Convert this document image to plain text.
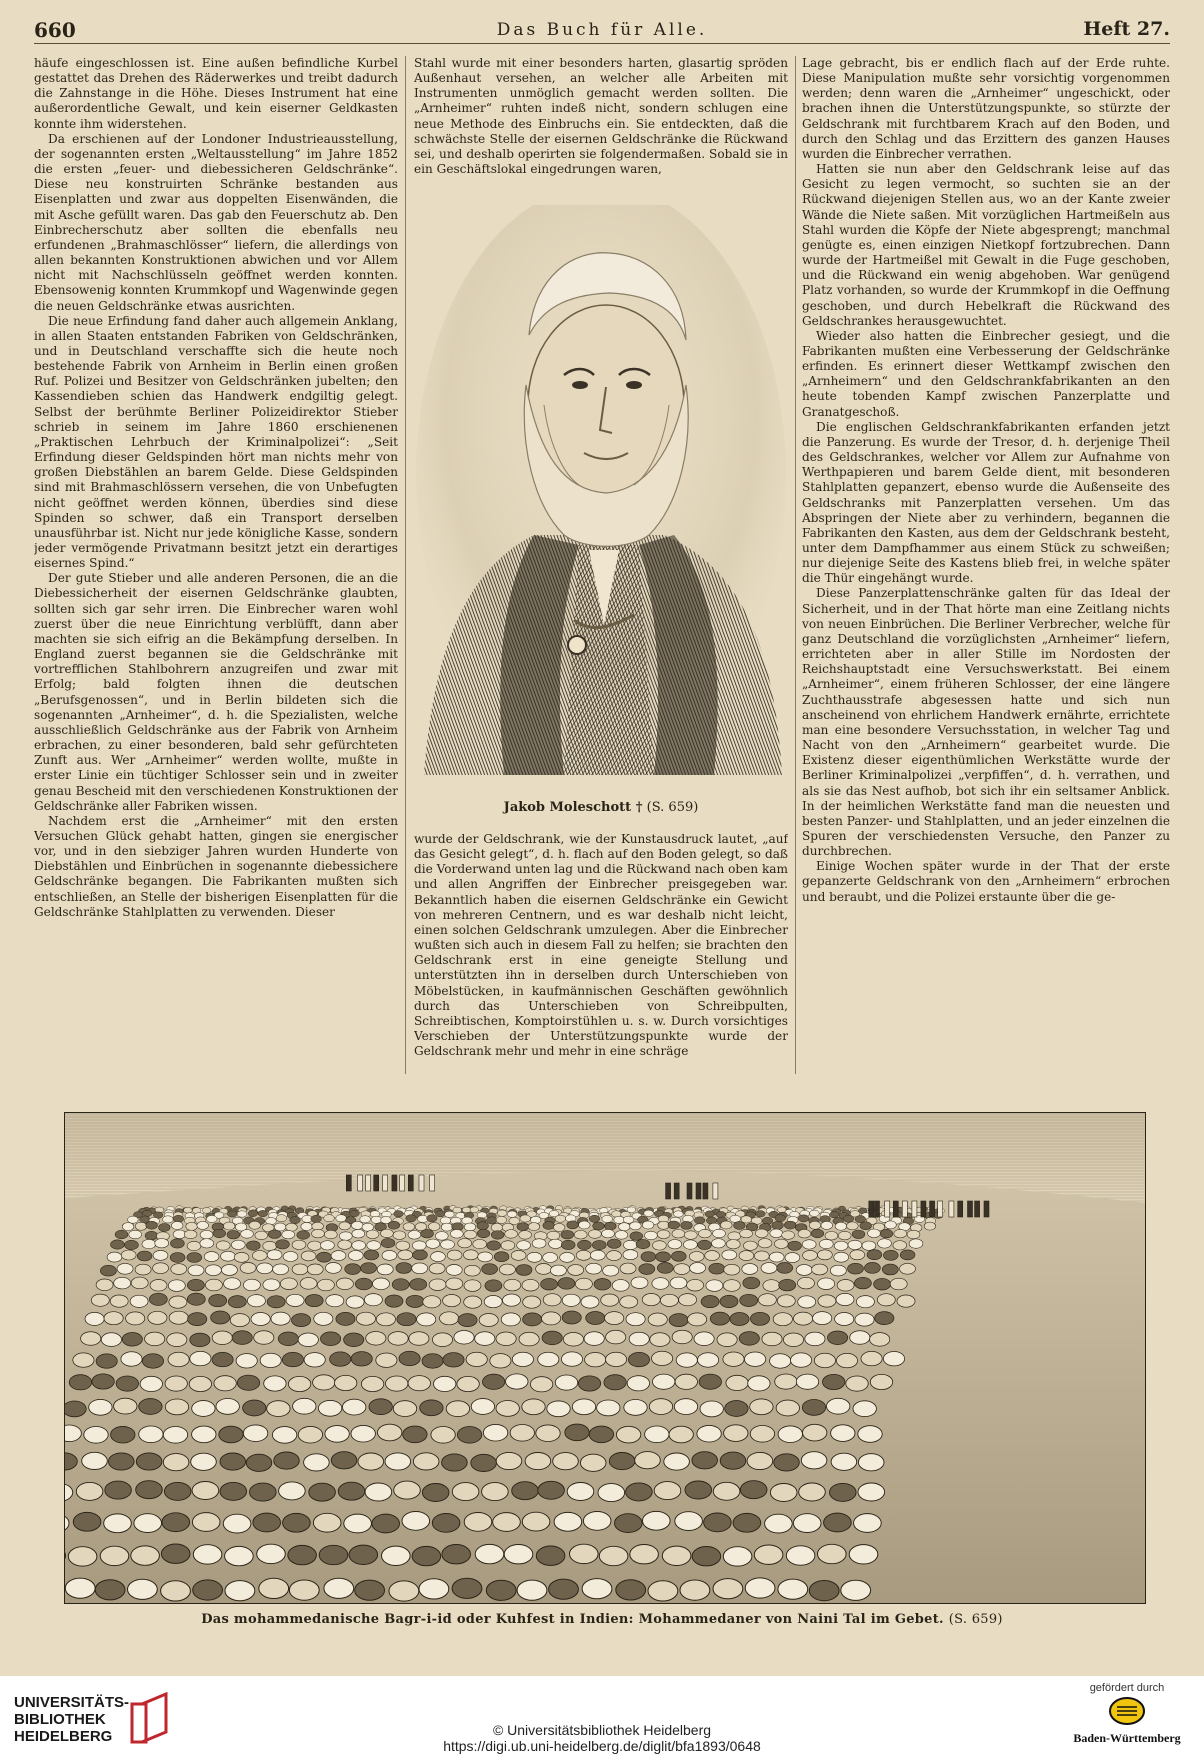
660	Das Buch für Alle.	Heft 27.

häufe eingeschlossen ist. Eine außen befindliche Kurbel gestattet das Drehen des Räderwerkes und treibt dadurch die Zahnstange in die Höhe. Dieses Instrument hat eine außerordentliche Gewalt, und kein eiserner Geldkasten konnte ihm widerstehen.

Da erschienen auf der Londoner Industrieausstellung, der sogenannten ersten „Weltausstellung“ im Jahre 1852 die ersten „feuer- und diebessicheren Geldschränke“. Diese neu konstruirten Schränke bestanden aus Eisenplatten und zwar aus doppelten Eisenwänden, die mit Asche gefüllt waren. Das gab den Feuerschutz ab. Den Einbrecherschutz aber sollten die ebenfalls neu erfundenen „Brahmaschlösser“ liefern, die allerdings von allen bekannten Konstruktionen abwichen und vor Allem nicht mit Nachschlüsseln geöffnet werden konnten. Ebensowenig konnten Krummkopf und Wagenwinde gegen die neuen Geldschränke etwas ausrichten.

Die neue Erfindung fand daher auch allgemein Anklang, in allen Staaten entstanden Fabriken von Geldschränken, und in Deutschland verschaffte sich die heute noch bestehende Fabrik von Arnheim in Berlin einen großen Ruf. Polizei und Besitzer von Geldschränken jubelten; den Kassendieben schien das Handwerk endgiltig gelegt. Selbst der berühmte Berliner Polizeidirektor Stieber schrieb in seinem im Jahre 1860 erschienenen „Praktischen Lehrbuch der Kriminalpolizei“: „Seit Erfindung dieser Geldspinden hört man nichts mehr von großen Diebstählen an barem Gelde. Diese Geldspinden sind mit Brahmaschlössern versehen, die von Unbefugten nicht geöffnet werden können, überdies sind diese Spinden so schwer, daß ein Transport derselben unausführbar ist. Nicht nur jede königliche Kasse, sondern jeder vermögende Privatmann besitzt jetzt ein derartiges eisernes Spind.“

Der gute Stieber und alle anderen Personen, die an die Diebessicherheit der eisernen Geldschränke glaubten, sollten sich gar sehr irren. Die Einbrecher waren wohl zuerst über die neue Einrichtung verblüfft, dann aber machten sie sich eifrig an die Bekämpfung derselben. In England zuerst begannen sie die Geldschränke mit vortrefflichen Stahlbohrern anzugreifen und zwar mit Erfolg; bald folgten ihnen die deutschen „Berufsgenossen“, und in Berlin bildeten sich die sogenannten „Arnheimer“, d. h. die Spezialisten, welche ausschließlich Geldschränke aus der Fabrik von Arnheim erbrachen, zu einer besonderen, bald sehr gefürchteten Zunft aus. Wer „Arnheimer“ werden wollte, mußte in erster Linie ein tüchtiger Schlosser sein und in zweiter genau Bescheid mit den verschiedenen Konstruktionen der Geldschränke aller Fabriken wissen.

Nachdem erst die „Arnheimer“ mit den ersten Versuchen Glück gehabt hatten, gingen sie energischer vor, und in den siebziger Jahren wurden Hunderte von Diebstählen und Einbrüchen in sogenannte diebessichere Geldschränke begangen. Die Fabrikanten mußten sich entschließen, an Stelle der bisherigen Eisenplatten für die Geldschränke Stahlplatten zu verwenden. Dieser

Stahl wurde mit einer besonders harten, glasartig spröden Außenhaut versehen, an welcher alle Arbeiten mit Instrumenten unmöglich gemacht werden sollten. Die „Arnheimer“ ruhten indeß nicht, sondern schlugen eine neue Methode des Einbruchs ein. Sie entdeckten, daß die schwächste Stelle der eisernen Geldschränke die Rückwand sei, und deshalb operirten sie folgendermaßen. Sobald sie in ein Geschäftslokal eingedrungen waren,

Jakob Moleschott † (S. 659)

wurde der Geldschrank, wie der Kunstausdruck lautet, „auf das Gesicht gelegt“, d. h. flach auf den Boden gelegt, so daß die Vorderwand unten lag und die Rückwand nach oben kam und allen Angriffen der Einbrecher preisgegeben war. Bekanntlich haben die eisernen Geldschränke ein Gewicht von mehreren Centnern, und es war deshalb nicht leicht, einen solchen Geldschrank umzulegen. Aber die Einbrecher wußten sich auch in diesem Fall zu helfen; sie brachten den Geldschrank erst in eine geneigte Stellung und unterstützten ihn in derselben durch Unterschieben von Möbelstücken, in kaufmännischen Geschäften gewöhnlich durch das Unterschieben von Schreibpulten, Schreibtischen, Komptoirstühlen u. s. w. Durch vorsichtiges Verschieben der Unterstützungspunkte wurde der Geldschrank mehr und mehr in eine schräge

Lage gebracht, bis er endlich flach auf der Erde ruhte. Diese Manipulation mußte sehr vorsichtig vorgenommen werden; denn waren die „Arnheimer“ ungeschickt, oder brachen ihnen die Unterstützungspunkte, so stürzte der Geldschrank mit furchtbarem Krach auf den Boden, und durch den Schlag und das Erzittern des ganzen Hauses wurden die Einbrecher verrathen.

Hatten sie nun aber den Geldschrank leise auf das Gesicht zu legen vermocht, so suchten sie an der Rückwand diejenigen Stellen aus, wo an der Kante zweier Wände die Niete saßen. Mit vorzüglichen Hartmeißeln aus Stahl wurden die Köpfe der Niete abgesprengt; manchmal genügte es, einen einzigen Nietkopf fortzubrechen. Dann wurde der Hartmeißel mit Gewalt in die Fuge geschoben, und die Rückwand ein wenig abgehoben. War genügend Platz vorhanden, so wurde der Krummkopf in die Oeffnung geschoben, und durch Hebelkraft die Rückwand des Geldschrankes herausgewuchtet.

Wieder also hatten die Einbrecher gesiegt, und die Fabrikanten mußten eine Verbesserung der Geldschränke erfinden. Es erinnert dieser Wettkampf zwischen den „Arnheimern“ und den Geldschrankfabrikanten an den heute tobenden Kampf zwischen Panzerplatte und Granatgeschoß.

Die englischen Geldschrankfabrikanten erfanden jetzt die Panzerung. Es wurde der Tresor, d. h. derjenige Theil des Geldschrankes, welcher vor Allem zur Aufnahme von Werthpapieren und barem Gelde dient, mit besonderen Stahlplatten gepanzert, ebenso wurde die Außenseite des Geldschranks mit Panzerplatten versehen. Um das Abspringen der Niete aber zu verhindern, begannen die Fabrikanten den Kasten, aus dem der Geldschrank besteht, unter dem Dampfhammer aus einem Stück zu schweißen; nur diejenige Seite des Kastens blieb frei, in welche später die Thür eingehängt wurde.

Diese Panzerplattenschränke galten für das Ideal der Sicherheit, und in der That hörte man eine Zeitlang nichts von neuen Einbrüchen. Die Berliner Verbrecher, welche für ganz Deutschland die vorzüglichsten „Arnheimer“ liefern, errichteten aber in aller Stille im Nordosten der Reichshauptstadt eine Versuchswerkstatt. Bei einem „Arnheimer“, einem früheren Schlosser, der eine längere Zuchthausstrafe abgesessen hatte und sich nun anscheinend von ehrlichem Handwerk ernährte, errichtete man eine besondere Versuchsstation, in welcher Tag und Nacht von den „Arnheimern“ gearbeitet wurde. Die Existenz dieser eigenthümlichen Werkstätte wurde der Berliner Kriminalpolizei „verpfiffen“, d. h. verrathen, und als sie das Nest aufhob, bot sich ihr ein seltsamer Anblick. In der heimlichen Werkstätte fand man die neuesten und besten Panzer- und Stahlplatten, und an jeder einzelnen die Spuren der verschiedensten Versuche, den Panzer zu durchbrechen.

Einige Wochen später wurde in der That der erste gepanzerte Geldschrank von den „Arnheimern“ erbrochen und beraubt, und die Polizei erstaunte über die ge-

Das mohammedanische Bagr-i-id oder Kuhfest in Indien: Mohammedaner von Naini Tal im Gebet. (S. 659)
UNIVERSITÄTS-
BIBLIOTHEK
HEIDELBERG	© Universitätsbibliothek Heidelberg
https://digi.ub.uni-heidelberg.de/diglit/bfa1893/0648
gefördert durch
Baden-Württemberg
